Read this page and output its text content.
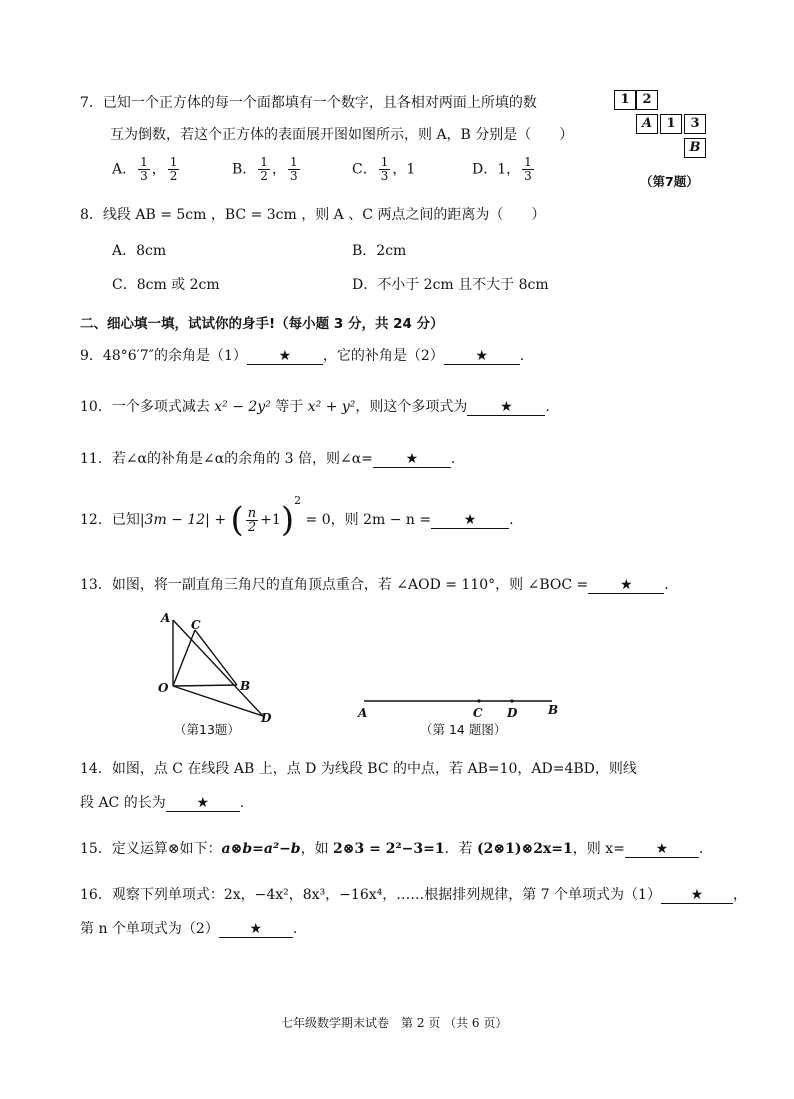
7．已知一个正方体的每一个面都填有一个数字，且各相对两面上所填的数
互为倒数，若这个正方体的表面展开图如图所示，则 A，B 分别是（　　）
A． $\frac{1}{3}$ ， $\frac{1}{2}$	B． $\frac{1}{2}$ ， $\frac{1}{3}$	C． $\frac{1}{3}$ ，1	D．1， $\frac{1}{3}$
1 2
A	1	3
B
（第7题）
8．线段 AB = 5cm ，BC = 3cm ，则 A 、C 两点之间的距离为（　　）
A．8cm	B．2cm
C．8cm 或 2cm	D．不小于 2cm 且不大于 8cm
二、细心填一填，试试你的身手!（每小题 3 分，共 24 分）
9．48°6′7″的余角是（1） ★ ，它的补角是（2） ★ .
10．一个多项式减去 x² − 2y² 等于 x² + y²，则这个多项式为 ★ .
11．若∠α的补角是∠α的余角的 3 倍，则∠α= ★ .
12．已知|3m − 12| + ( $\frac{n}{2} +1)^2 = 0$，则 2m − n = ★ .
13．如图，将一副直角三角尺的直角顶点重合，若 ∠AOD = 110°，则 ∠BOC = ★ .
A C
O	B
D
（第13题）
A	C D	B
（第 14 题图）
14．如图，点 C 在线段 AB 上，点 D 为线段 BC 的中点，若 AB=10，AD=4BD，则线
段 AC 的长为 ★ .
15．定义运算⊗如下：a⊗b=a²−b，如 2⊗3 = 2²−3=1．若 (2⊗1)⊗2x=1，则 x= ★ .
16．观察下列单项式：2x，−4x²，8x³，−16x⁴，……根据排列规律，第 7 个单项式为（1） ★ ，
第 n 个单项式为（2） ★ .
七年级数学期末试卷　第 2 页 （共 6 页）
